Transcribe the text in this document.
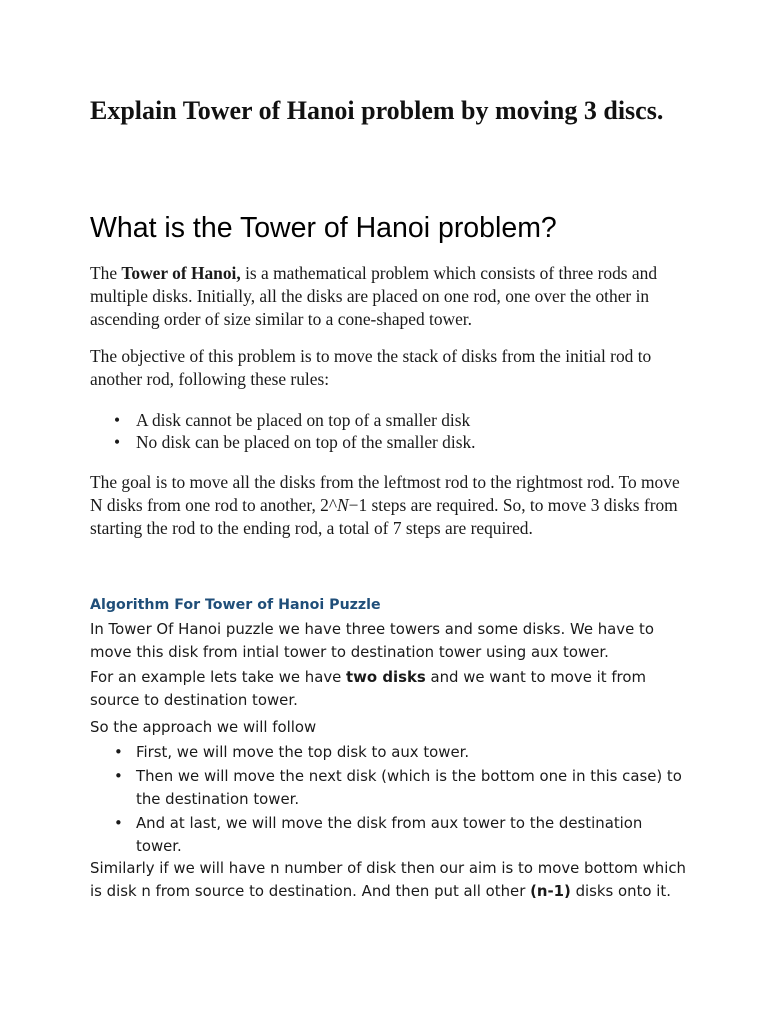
Explain Tower of Hanoi problem by moving 3 discs.
What is the Tower of Hanoi problem?

The Tower of Hanoi, is a mathematical problem which consists of three rods and multiple disks. Initially, all the disks are placed on one rod, one over the other in ascending order of size similar to a cone-shaped tower.

The objective of this problem is to move the stack of disks from the initial rod to another rod, following these rules:

• A disk cannot be placed on top of a smaller disk
• No disk can be placed on top of the smaller disk.

The goal is to move all the disks from the leftmost rod to the rightmost rod. To move N disks from one rod to another, 2^N−1 steps are required. So, to move 3 disks from starting the rod to the ending rod, a total of 7 steps are required.

Algorithm For Tower of Hanoi Puzzle

In Tower Of Hanoi puzzle we have three towers and some disks. We have to move this disk from intial tower to destination tower using aux tower.

For an example lets take we have two disks and we want to move it from source to destination tower.

So the approach we will follow

• First, we will move the top disk to aux tower.
• Then we will move the next disk (which is the bottom one in this case) to the destination tower.
• And at last, we will move the disk from aux tower to the destination tower.

Similarly if we will have n number of disk then our aim is to move bottom which is disk n from source to destination. And then put all other (n-1) disks onto it.
